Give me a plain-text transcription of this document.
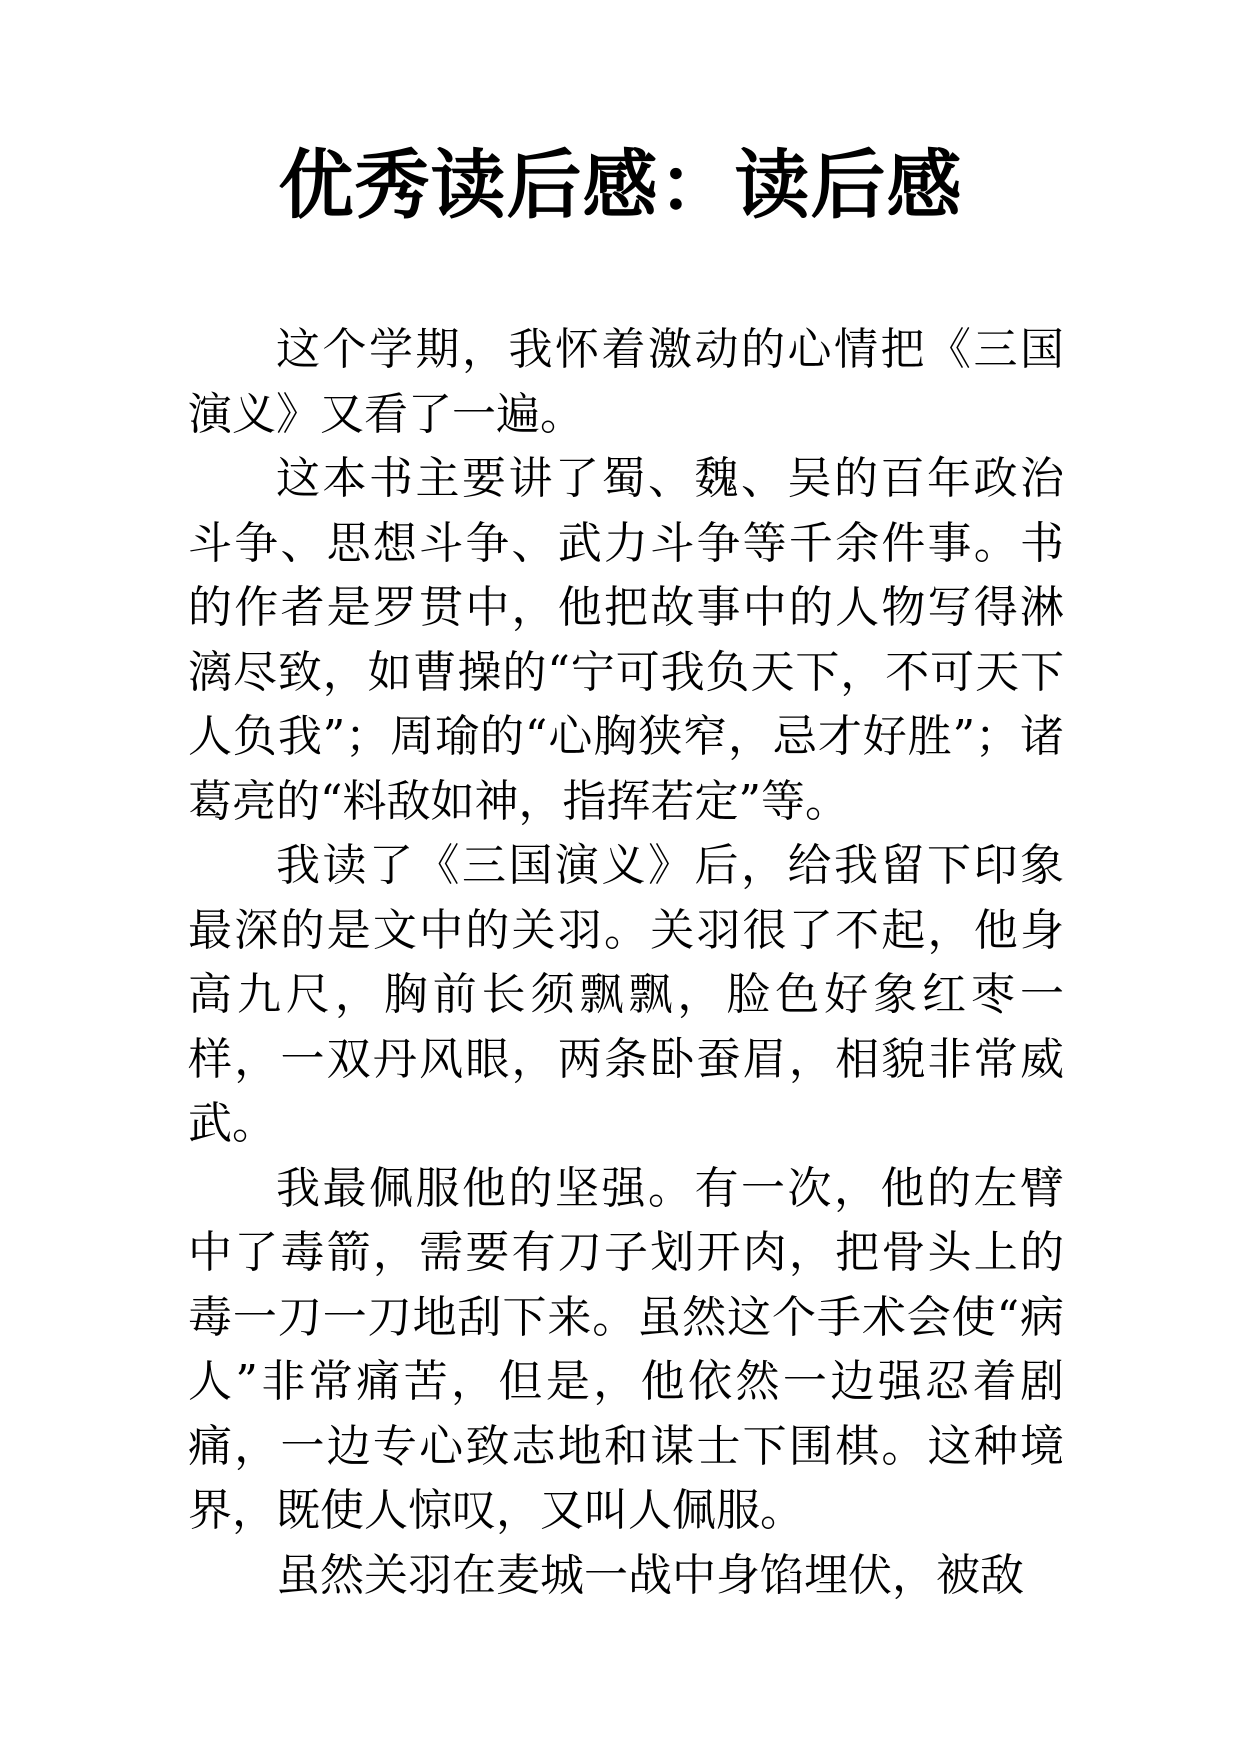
优秀读后感：读后感

这个学期，我怀着激动的心情把《三国演义》又看了一遍。

这本书主要讲了蜀、魏、吴的百年政治斗争、思想斗争、武力斗争等千余件事。书的作者是罗贯中，他把故事中的人物写得淋漓尽致，如曹操的“宁可我负天下，不可天下人负我”；周瑜的“心胸狭窄，忌才好胜”；诸葛亮的“料敌如神，指挥若定”等。

我读了《三国演义》后，给我留下印象最深的是文中的关羽。关羽很了不起，他身高九尺，胸前长须飘飘，脸色好象红枣一样，一双丹风眼，两条卧蚕眉，相貌非常威武。

我最佩服他的坚强。有一次，他的左臂中了毒箭，需要有刀子划开肉，把骨头上的毒一刀一刀地刮下来。虽然这个手术会使“病人”非常痛苦，但是，他依然一边强忍着剧痛，一边专心致志地和谋士下围棋。这种境界，既使人惊叹，又叫人佩服。

虽然关羽在麦城一战中身馅埋伏，被敌
